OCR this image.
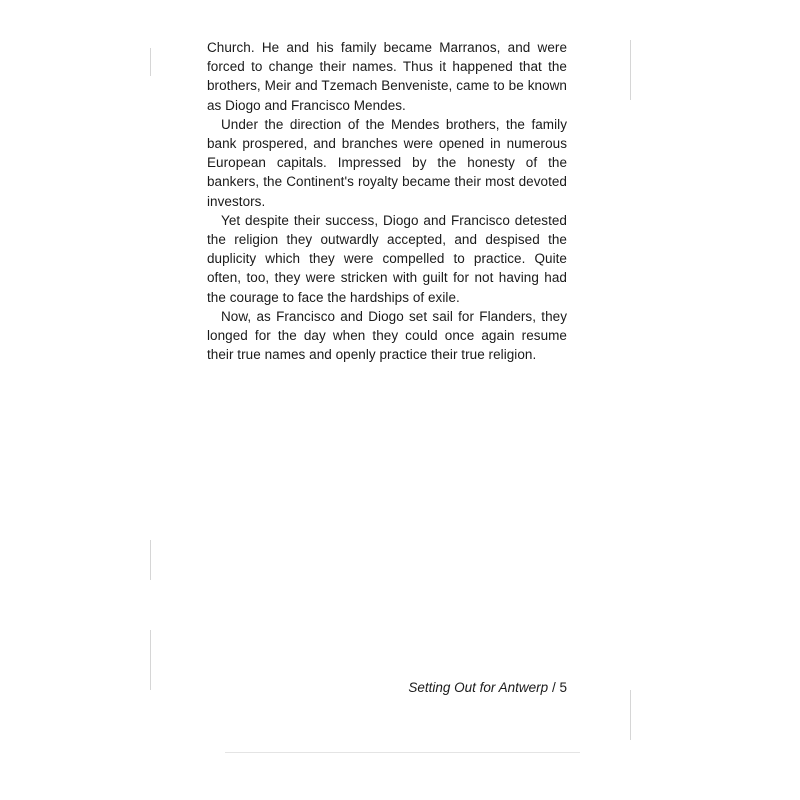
Church. He and his family became Marranos, and were forced to change their names. Thus it happened that the brothers, Meir and Tzemach Benveniste, came to be known as Diogo and Francisco Mendes.

Under the direction of the Mendes brothers, the family bank prospered, and branches were opened in numerous European capitals. Impressed by the honesty of the bankers, the Continent's royalty became their most devoted investors.

Yet despite their success, Diogo and Francisco detested the religion they outwardly accepted, and despised the duplicity which they were compelled to practice. Quite often, too, they were stricken with guilt for not having had the courage to face the hardships of exile.

Now, as Francisco and Diogo set sail for Flanders, they longed for the day when they could once again resume their true names and openly practice their true religion.

Setting Out for Antwerp / 5
